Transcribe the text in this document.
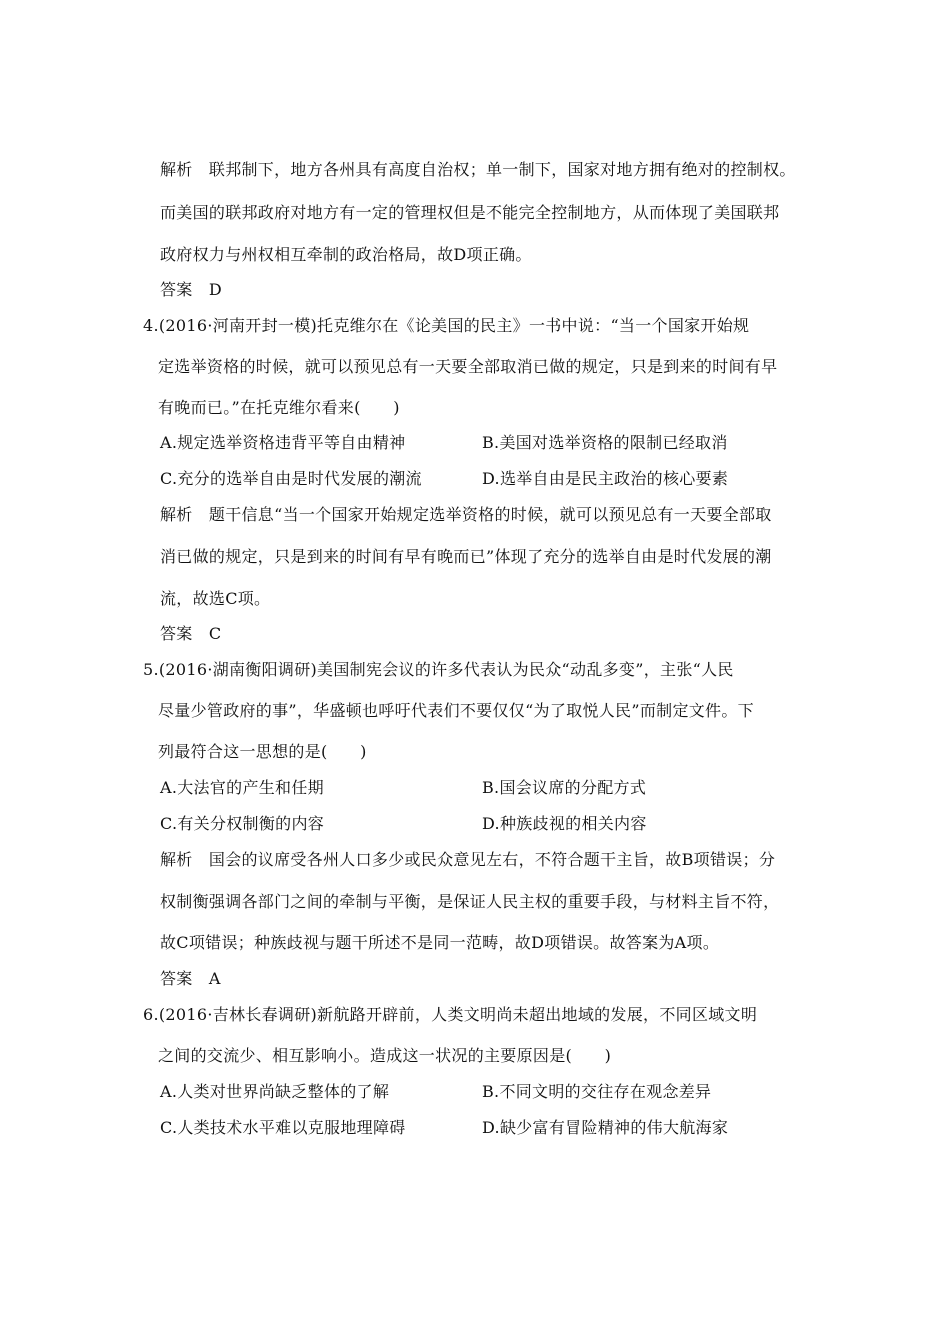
解析　联邦制下，地方各州具有高度自治权；单一制下，国家对地方拥有绝对的控制权。
而美国的联邦政府对地方有一定的管理权但是不能完全控制地方，从而体现了美国联邦
政府权力与州权相互牵制的政治格局，故D项正确。
答案　D
4.(2016·河南开封一模)托克维尔在《论美国的民主》一书中说：“当一个国家开始规
定选举资格的时候，就可以预见总有一天要全部取消已做的规定，只是到来的时间有早
有晚而已。”在托克维尔看来(　　)
A.规定选举资格违背平等自由精神	B.美国对选举资格的限制已经取消
C.充分的选举自由是时代发展的潮流	D.选举自由是民主政治的核心要素
解析　题干信息“当一个国家开始规定选举资格的时候，就可以预见总有一天要全部取
消已做的规定，只是到来的时间有早有晚而已”体现了充分的选举自由是时代发展的潮
流，故选C项。
答案　C
5.(2016·湖南衡阳调研)美国制宪会议的许多代表认为民众“动乱多变”，主张“人民
尽量少管政府的事”，华盛顿也呼吁代表们不要仅仅“为了取悦人民”而制定文件。下
列最符合这一思想的是(　　)
A.大法官的产生和任期	B.国会议席的分配方式
C.有关分权制衡的内容	D.种族歧视的相关内容
解析　国会的议席受各州人口多少或民众意见左右，不符合题干主旨，故B项错误；分
权制衡强调各部门之间的牵制与平衡，是保证人民主权的重要手段，与材料主旨不符，
故C项错误；种族歧视与题干所述不是同一范畴，故D项错误。故答案为A项。
答案　A
6.(2016·吉林长春调研)新航路开辟前，人类文明尚未超出地域的发展，不同区域文明
之间的交流少、相互影响小。造成这一状况的主要原因是(　　)
A.人类对世界尚缺乏整体的了解	B.不同文明的交往存在观念差异
C.人类技术水平难以克服地理障碍	D.缺少富有冒险精神的伟大航海家
